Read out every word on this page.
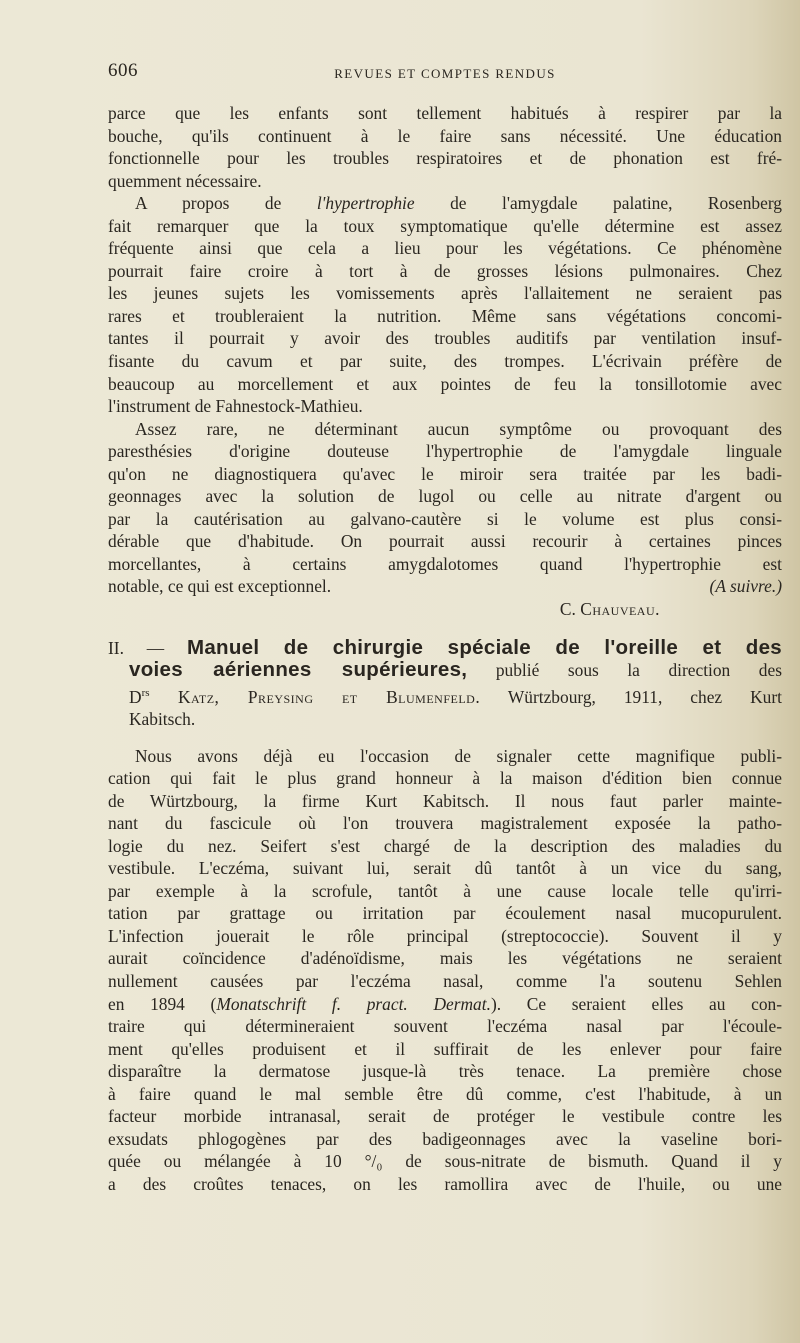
606	REVUES ET COMPTES RENDUS

parce que les enfants sont tellement habitués à respirer par la
bouche, qu'ils continuent à le faire sans nécessité. Une éducation
fonctionnelle pour les troubles respiratoires et de phonation est fré-
quemment nécessaire.

A propos de l'hypertrophie de l'amygdale palatine, Rosenberg
fait remarquer que la toux symptomatique qu'elle détermine est assez
fréquente ainsi que cela a lieu pour les végétations. Ce phénomène
pourrait faire croire à tort à de grosses lésions pulmonaires. Chez
les jeunes sujets les vomissements après l'allaitement ne seraient pas
rares et troubleraient la nutrition. Même sans végétations concomi-
tantes il pourrait y avoir des troubles auditifs par ventilation insuf-
fisante du cavum et par suite, des trompes. L'écrivain préfère de
beaucoup au morcellement et aux pointes de feu la tonsillotomie avec
l'instrument de Fahnestock-Mathieu.

Assez rare, ne déterminant aucun symptôme ou provoquant des
paresthésies d'origine douteuse l'hypertrophie de l'amygdale linguale
qu'on ne diagnostiquera qu'avec le miroir sera traitée par les badi-
geonnages avec la solution de lugol ou celle au nitrate d'argent ou
par la cautérisation au galvano-cautère si le volume est plus consi-
dérable que d'habitude. On pourrait aussi recourir à certaines pinces
morcellantes, à certains amygdalotomes quand l'hypertrophie est
notable, ce qui est exceptionnel.	(A suivre.)

C. Chauveau.

II. — Manuel de chirurgie spéciale de l'oreille et des
voies aériennes supérieures, publié sous la direction des
$D^{rs}$ Katz, Preysing et Blumenfeld. Würtzbourg, 1911, chez Kurt
Kabitsch.

Nous avons déjà eu l'occasion de signaler cette magnifique publi-
cation qui fait le plus grand honneur à la maison d'édition bien connue
de Würtzbourg, la firme Kurt Kabitsch. Il nous faut parler mainte-
nant du fascicule où l'on trouvera magistralement exposée la patho-
logie du nez. Seifert s'est chargé de la description des maladies du
vestibule. L'eczéma, suivant lui, serait dû tantôt à un vice du sang,
par exemple à la scrofule, tantôt à une cause locale telle qu'irri-
tation par grattage ou irritation par écoulement nasal mucopurulent.
L'infection jouerait le rôle principal (streptococcie). Souvent il y
aurait coïncidence d'adénoïdisme, mais les végétations ne seraient
nullement causées par l'eczéma nasal, comme l'a soutenu Sehlen
en 1894 (Monatschrift f. pract. Dermat.). Ce seraient elles au con-
traire qui détermineraient souvent l'eczéma nasal par l'écoule-
ment qu'elles produisent et il suffirait de les enlever pour faire
disparaître la dermatose jusque-là très tenace. La première chose
à faire quand le mal semble être dû comme, c'est l'habitude, à un
facteur morbide intranasal, serait de protéger le vestibule contre les
exsudats phlogogènes par des badigeonnages avec la vaseline bori-
quée ou mélangée à 10 °/₀ de sous-nitrate de bismuth. Quand il y
a des croûtes tenaces, on les ramollira avec de l'huile, ou une
